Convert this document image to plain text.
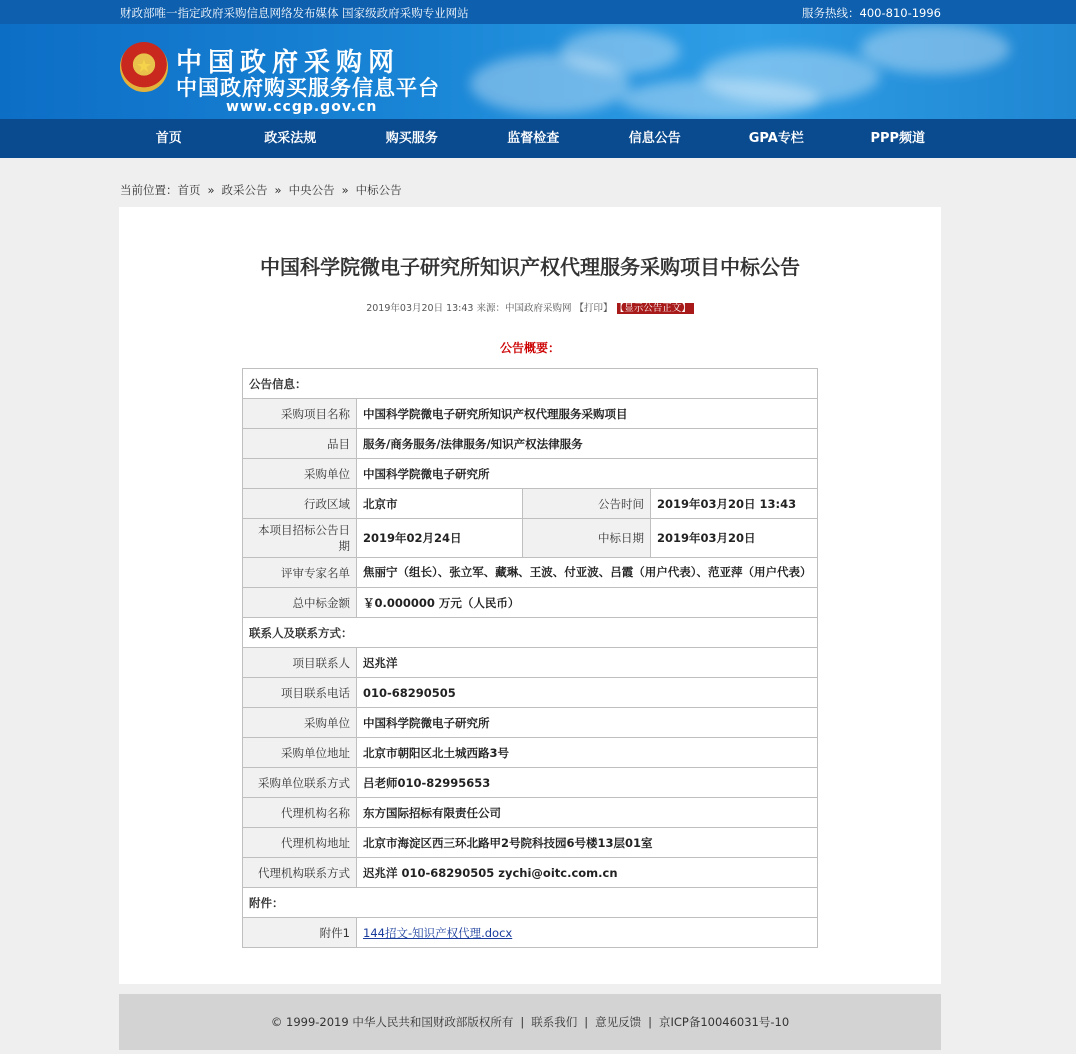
财政部唯一指定政府采购信息网络发布媒体 国家级政府采购专业网站	服务热线：400-810-1996
★ 中国政府采购网
中国政府购买服务信息平台
www.ccgp.gov.cn
首页	政采法规	购买服务	监督检查	信息公告	GPA专栏	PPP频道
当前位置：首页 » 政采公告 » 中央公告 » 中标公告
中国科学院微电子研究所知识产权代理服务采购项目中标公告
2019年03月20日 13:43 来源：中国政府采购网 【打印】 【显示公告正文】
公告概要：
公告信息：			
采购项目名称	中国科学院微电子研究所知识产权代理服务采购项目		
品目	服务/商务服务/法律服务/知识产权法律服务		
采购单位	中国科学院微电子研究所		
行政区域	北京市	公告时间	2019年03月20日 13:43
本项目招标公告日期	2019年02月24日	中标日期	2019年03月20日
评审专家名单	焦丽宁（组长）、张立军、藏琳、王波、付亚波、吕霞（用户代表）、范亚萍（用户代表）		
总中标金额	￥0.000000 万元（人民币）		
联系人及联系方式：			
项目联系人	迟兆洋		
项目联系电话	010-68290505		
采购单位	中国科学院微电子研究所		
采购单位地址	北京市朝阳区北土城西路3号		
采购单位联系方式	吕老师010-82995653		
代理机构名称	东方国际招标有限责任公司		
代理机构地址	北京市海淀区西三环北路甲2号院科技园6号楼13层01室		
代理机构联系方式	迟兆洋 010-68290505 zychi@oitc.com.cn		
附件：			
附件1	144招文-知识产权代理.docx		
© 1999-2019 中华人民共和国财政部版权所有 | 联系我们 | 意见反馈 | 京ICP备10046031号-10
